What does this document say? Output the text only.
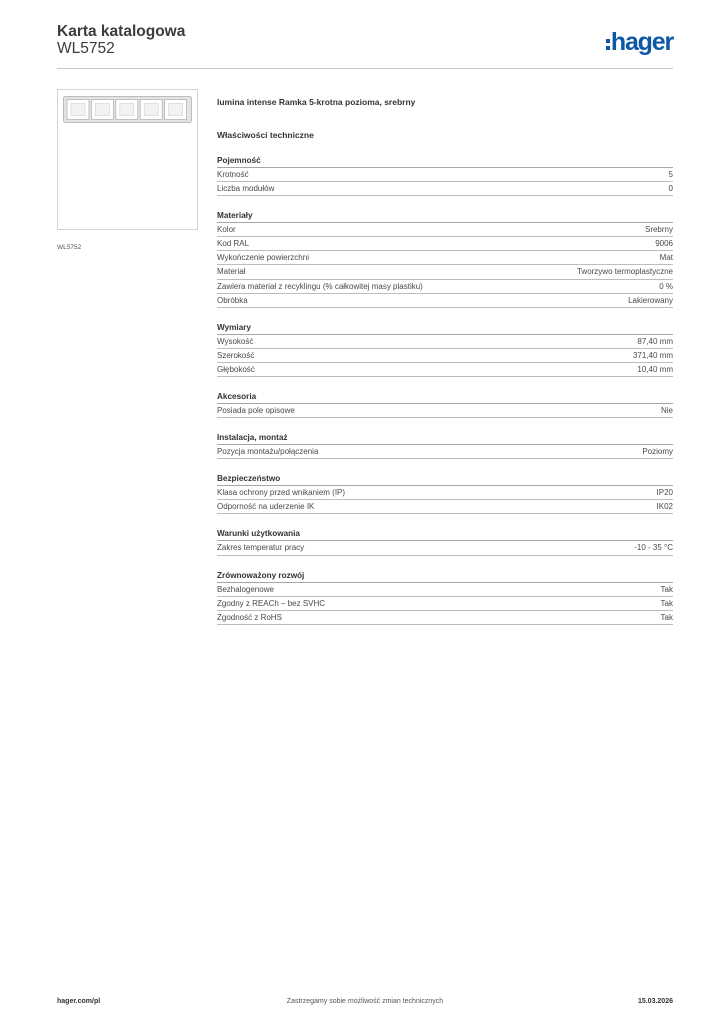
Karta katalogowa
WL5752	hager
WL5752
lumina intense Ramka 5-krotna pozioma, srebrny
Właściwości techniczne
Pojemność
Krotność	5
Liczba modułów	0
Materiały
Kolor	Srebrny
Kod RAL	9006
Wykończenie powierzchni	Mat
Materiał	Tworzywo termoplastyczne
Zawiera materiał z recyklingu (% całkowitej masy plastiku)	0 %
Obróbka	Lakierowany
Wymiary
Wysokość	87,40 mm
Szerokość	371,40 mm
Głębokość	10,40 mm
Akcesoria
Posiada pole opisowe	Nie
Instalacja, montaż
Pozycja montażu/połączenia	Poziomy
Bezpieczeństwo
Klasa ochrony przed wnikaniem (IP)	IP20
Odporność na uderzenie IK	IK02
Warunki użytkowania
Zakres temperatur pracy	-10 - 35 °C
Zrównoważony rozwój
Bezhalogenowe	Tak
Zgodny z REACh – bez SVHC	Tak
Zgodność z RoHS	Tak
Zastrzegamy sobie możliwość zmian technicznych
hager.com/pl	15.03.2026
